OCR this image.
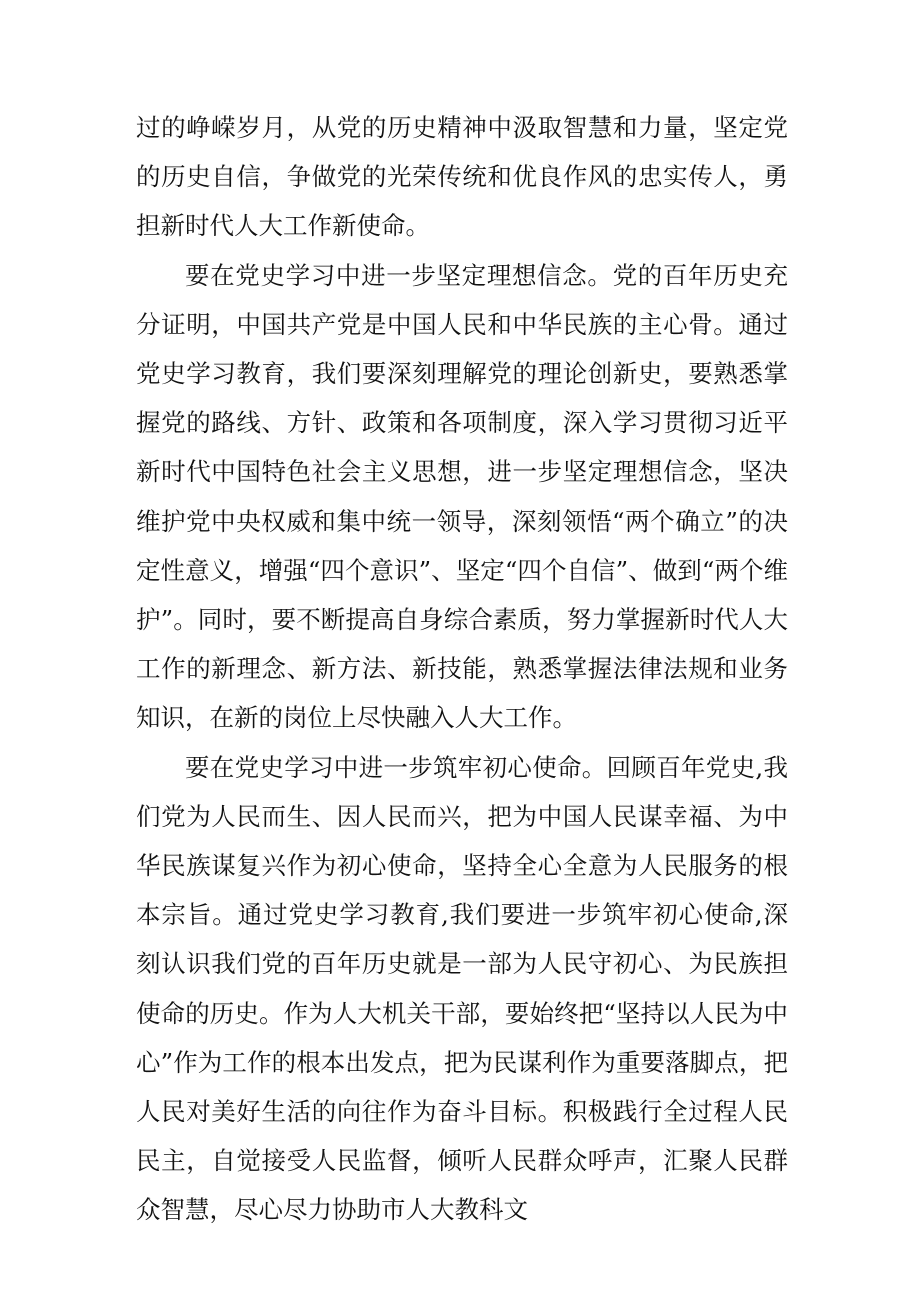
过的峥嵘岁月，从党的历史精神中汲取智慧和力量，坚定党的历史自信，争做党的光荣传统和优良作风的忠实传人，勇担新时代人大工作新使命。

要在党史学习中进一步坚定理想信念。党的百年历史充分证明，中国共产党是中国人民和中华民族的主心骨。通过党史学习教育，我们要深刻理解党的理论创新史，要熟悉掌握党的路线、方针、政策和各项制度，深入学习贯彻习近平新时代中国特色社会主义思想，进一步坚定理想信念，坚决维护党中央权威和集中统一领导，深刻领悟“两个确立”的决定性意义，增强“四个意识”、坚定“四个自信”、做到“两个维护”。同时，要不断提高自身综合素质，努力掌握新时代人大工作的新理念、新方法、新技能，熟悉掌握法律法规和业务知识，在新的岗位上尽快融入人大工作。

要在党史学习中进一步筑牢初心使命。回顾百年党史,我们党为人民而生、因人民而兴，把为中国人民谋幸福、为中华民族谋复兴作为初心使命，坚持全心全意为人民服务的根本宗旨。通过党史学习教育,我们要进一步筑牢初心使命,深刻认识我们党的百年历史就是一部为人民守初心、为民族担使命的历史。作为人大机关干部，要始终把“坚持以人民为中心”作为工作的根本出发点，把为民谋利作为重要落脚点，把人民对美好生活的向往作为奋斗目标。积极践行全过程人民民主，自觉接受人民监督，倾听人民群众呼声，汇聚人民群众智慧，尽心尽力协助市人大教科文
